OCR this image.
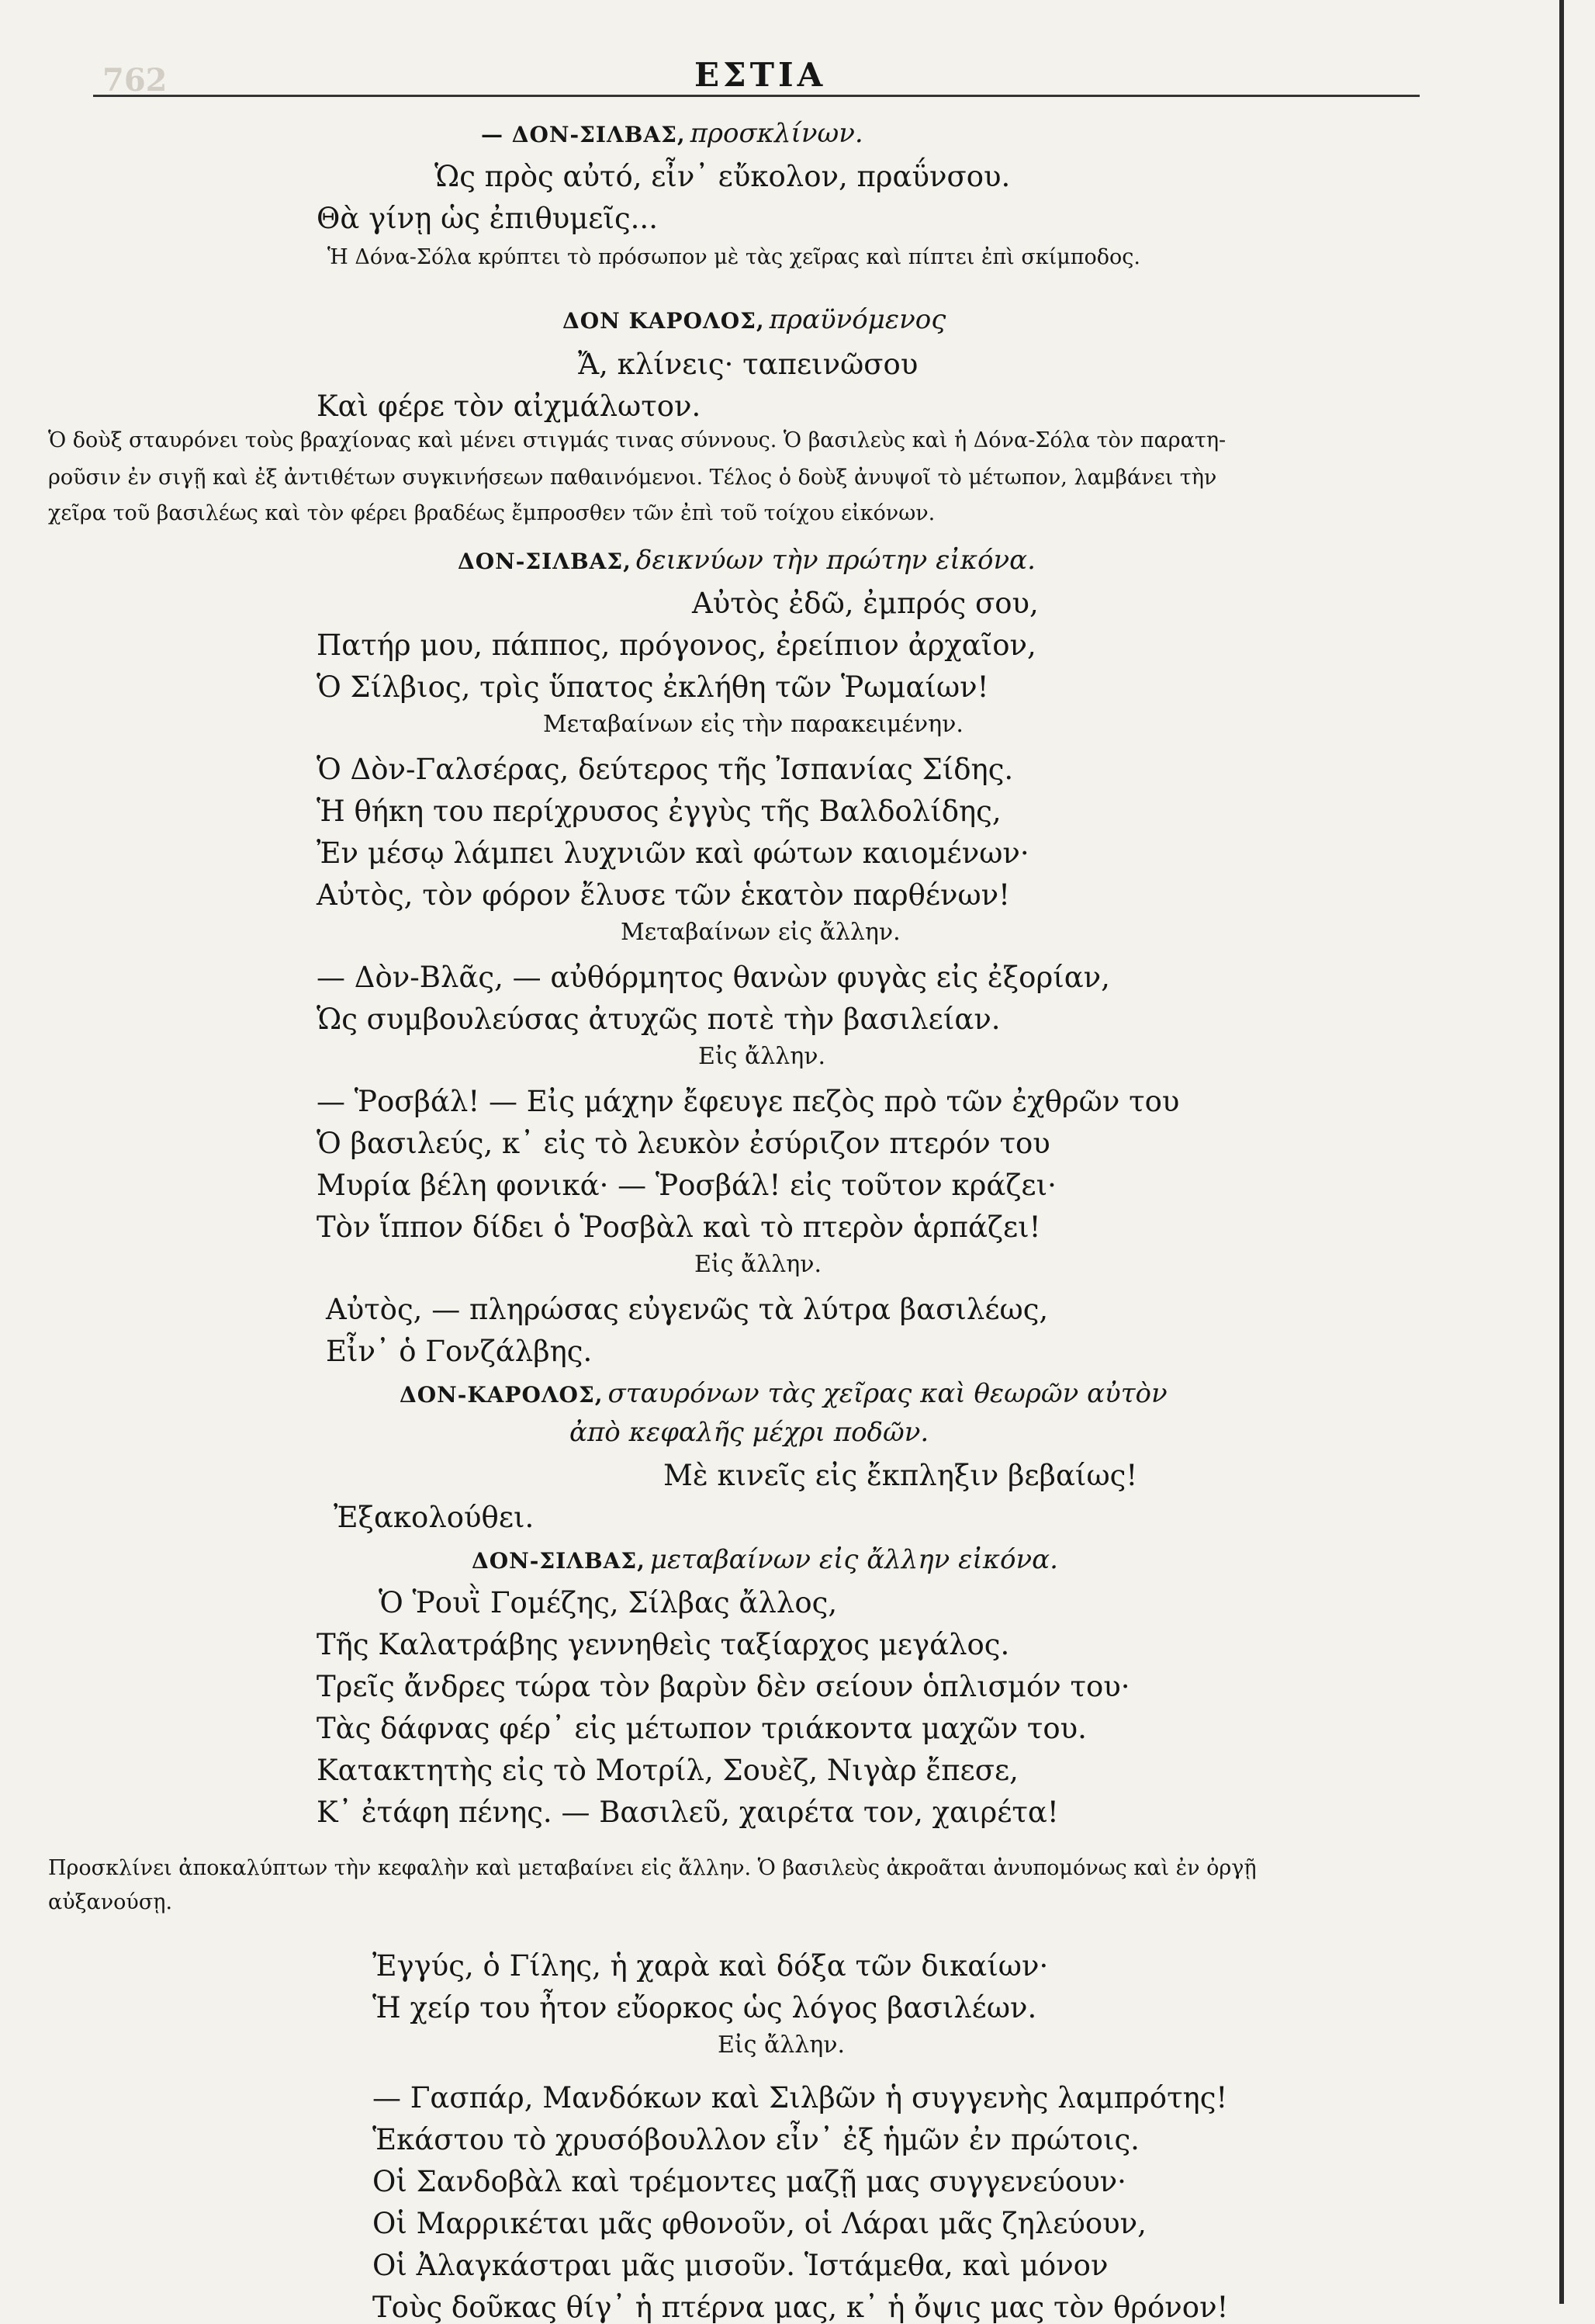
762	ΕΣΤΙΑ
— ΔΟΝ-ΣΙΛΒΑΣ, προσκλίνων.
Ὡς πρὸς αὐτό, εἶν᾽ εὔκολον, πραΰνσου.
Θὰ γίνῃ ὡς ἐπιθυμεῖς...
Ἡ Δόνα-Σόλα κρύπτει τὸ πρόσωπον μὲ τὰς χεῖρας καὶ πίπτει ἐπὶ σκίμποδος.
ΔΟΝ ΚΑΡΟΛΟΣ, πραϋνόμενος
Ἄ, κλίνεις· ταπεινῶσου
Καὶ φέρε τὸν αἰχμάλωτον.
Ὁ δοὺξ σταυρόνει τοὺς βραχίονας καὶ μένει στιγμάς τινας σύννους. Ὁ βασιλεὺς καὶ ἡ Δόνα-Σόλα τὸν παρατη-
ροῦσιν ἐν σιγῇ καὶ ἐξ ἀντιθέτων συγκινήσεων παθαινόμενοι. Τέλος ὁ δοὺξ ἀνυψοῖ τὸ μέτωπον, λαμβάνει τὴν
χεῖρα τοῦ βασιλέως καὶ τὸν φέρει βραδέως ἔμπροσθεν τῶν ἐπὶ τοῦ τοίχου εἰκόνων.
ΔΟΝ-ΣΙΛΒΑΣ, δεικνύων τὴν πρώτην εἰκόνα.
Αὐτὸς ἐδῶ, ἐμπρός σου,
Πατήρ μου, πάππος, πρόγονος, ἐρείπιον ἀρχαῖον,
Ὁ Σίλβιος, τρὶς ὕπατος ἐκλήθη τῶν Ῥωμαίων!
Μεταβαίνων εἰς τὴν παρακειμένην.
Ὁ Δὸν-Γαλσέρας, δεύτερος τῆς Ἰσπανίας Σίδης.
Ἡ θήκη του περίχρυσος ἐγγὺς τῆς Βαλδολίδης,
Ἐν μέσῳ λάμπει λυχνιῶν καὶ φώτων καιομένων·
Αὐτὸς, τὸν φόρον ἔλυσε τῶν ἑκατὸν παρθένων!
Μεταβαίνων εἰς ἄλλην.
— Δὸν-Βλᾶς, — αὐθόρμητος θανὼν φυγὰς εἰς ἐξορίαν,
Ὡς συμβουλεύσας ἀτυχῶς ποτὲ τὴν βασιλείαν.
Εἰς ἄλλην.
— Ῥοσβάλ! — Εἰς μάχην ἔφευγε πεζὸς πρὸ τῶν ἐχθρῶν του
Ὁ βασιλεύς, κ᾽ εἰς τὸ λευκὸν ἐσύριζον πτερόν του
Μυρία βέλη φονικά· — Ῥοσβάλ! εἰς τοῦτον κράζει·
Τὸν ἵππον δίδει ὁ Ῥοσβὰλ καὶ τὸ πτερὸν ἁρπάζει!
Εἰς ἄλλην.
Αὐτὸς, — πληρώσας εὐγενῶς τὰ λύτρα βασιλέως,
Εἶν᾽ ὁ Γονζάλβης.
ΔΟΝ-ΚΑΡΟΛΟΣ, σταυρόνων τὰς χεῖρας καὶ θεωρῶν αὐτὸν
ἀπὸ κεφαλῆς μέχρι ποδῶν.
Μὲ κινεῖς εἰς ἔκπληξιν βεβαίως!
Ἐξακολούθει.
ΔΟΝ-ΣΙΛΒΑΣ, μεταβαίνων εἰς ἄλλην εἰκόνα.
Ὁ Ῥουῒ Γομέζης, Σίλβας ἄλλος,
Τῆς Καλατράβης γεννηθεὶς ταξίαρχος μεγάλος.
Τρεῖς ἄνδρες τώρα τὸν βαρὺν δὲν σείουν ὁπλισμόν του·
Τὰς δάφνας φέρ᾽ εἰς μέτωπον τριάκοντα μαχῶν του.
Κατακτητὴς εἰς τὸ Μοτρίλ, Σουὲζ, Νιγὰρ ἔπεσε,
Κ᾽ ἐτάφη πένης. — Βασιλεῦ, χαιρέτα τον, χαιρέτα!
Προσκλίνει ἀποκαλύπτων τὴν κεφαλὴν καὶ μεταβαίνει εἰς ἄλλην. Ὁ βασιλεὺς ἀκροᾶται ἀνυπομόνως καὶ ἐν ὀργῇ
αὐξανούσῃ.
Ἐγγύς, ὁ Γίλης, ἡ χαρὰ καὶ δόξα τῶν δικαίων·
Ἡ χείρ του ἦτον εὔορκος ὡς λόγος βασιλέων.
Εἰς ἄλλην.
— Γασπάρ, Μανδόκων καὶ Σιλβῶν ἡ συγγενὴς λαμπρότης!
Ἑκάστου τὸ χρυσόβουλλον εἶν᾽ ἐξ ἡμῶν ἐν πρώτοις.
Οἱ Σανδοβὰλ καὶ τρέμοντες μαζῇ μας συγγενεύουν·
Οἱ Μαρρικέται μᾶς φθονοῦν, οἱ Λάραι μᾶς ζηλεύουν,
Οἱ Ἀλαγκάστραι μᾶς μισοῦν. Ἱστάμεθα, καὶ μόνον
Τοὺς δοῦκας θίγ᾽ ἡ πτέρνα μας, κ᾽ ἡ ὄψις μας τὸν θρόνον!
